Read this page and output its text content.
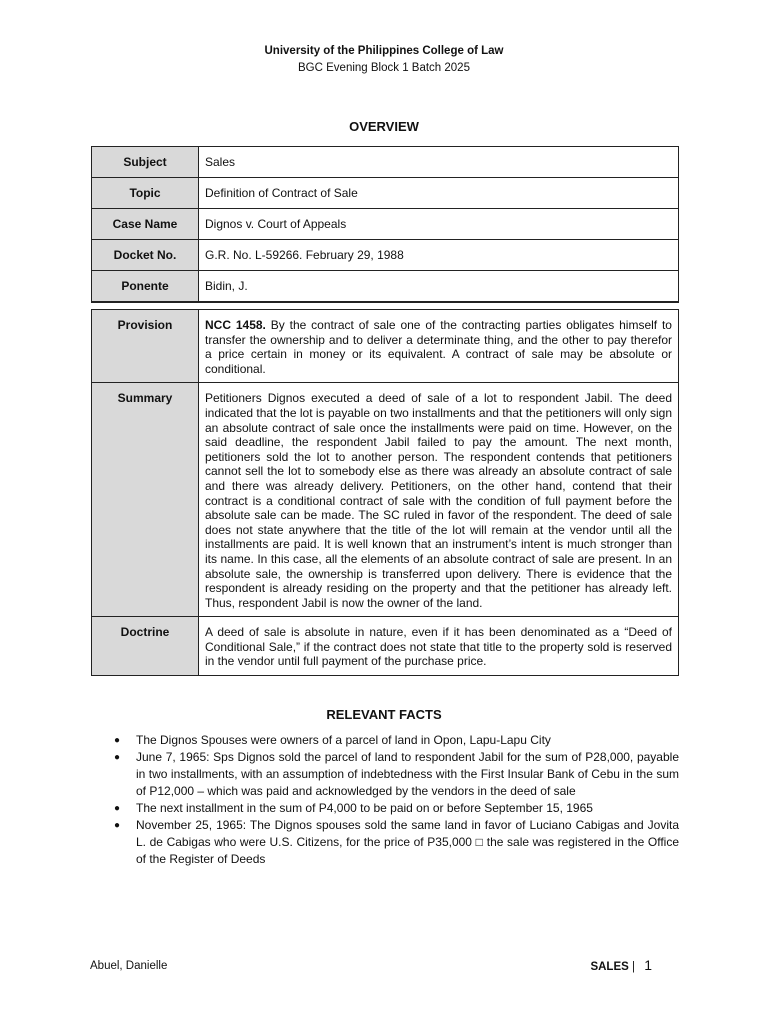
University of the Philippines College of Law
BGC Evening Block 1 Batch 2025
OVERVIEW
Subject	Sales
Topic	Definition of Contract of Sale
Case Name	Dignos v. Court of Appeals
Docket No.	G.R. No. L-59266. February 29, 1988
Ponente	Bidin, J.
Provision	NCC 1458. By the contract of sale one of the contracting parties obligates himself to transfer the ownership and to deliver a determinate thing, and the other to pay therefor a price certain in money or its equivalent. A contract of sale may be absolute or conditional.
Summary	Petitioners Dignos executed a deed of sale of a lot to respondent Jabil. The deed indicated that the lot is payable on two installments and that the petitioners will only sign an absolute contract of sale once the installments were paid on time. However, on the said deadline, the respondent Jabil failed to pay the amount. The next month, petitioners sold the lot to another person. The respondent contends that petitioners cannot sell the lot to somebody else as there was already an absolute contract of sale and there was already delivery. Petitioners, on the other hand, contend that their contract is a conditional contract of sale with the condition of full payment before the absolute sale can be made. The SC ruled in favor of the respondent. The deed of sale does not state anywhere that the title of the lot will remain at the vendor until all the installments are paid. It is well known that an instrument’s intent is much stronger than its name. In this case, all the elements of an absolute contract of sale are present. In an absolute sale, the ownership is transferred upon delivery. There is evidence that the respondent is already residing on the property and that the petitioner has already left. Thus, respondent Jabil is now the owner of the land.
Doctrine	A deed of sale is absolute in nature, even if it has been denominated as a “Deed of Conditional Sale,” if the contract does not state that title to the property sold is reserved in the vendor until full payment of the purchase price.
RELEVANT FACTS
● The Dignos Spouses were owners of a parcel of land in Opon, Lapu-Lapu City
● June 7, 1965: Sps Dignos sold the parcel of land to respondent Jabil for the sum of P28,000, payable in two installments, with an assumption of indebtedness with the First Insular Bank of Cebu in the sum of P12,000 – which was paid and acknowledged by the vendors in the deed of sale
● The next installment in the sum of P4,000 to be paid on or before September 15, 1965
● November 25, 1965: The Dignos spouses sold the same land in favor of Luciano Cabigas and Jovita L. de Cabigas who were U.S. Citizens, for the price of P35,000 □ the sale was registered in the Office of the Register of Deeds
Abuel, Danielle	SALES | 1
